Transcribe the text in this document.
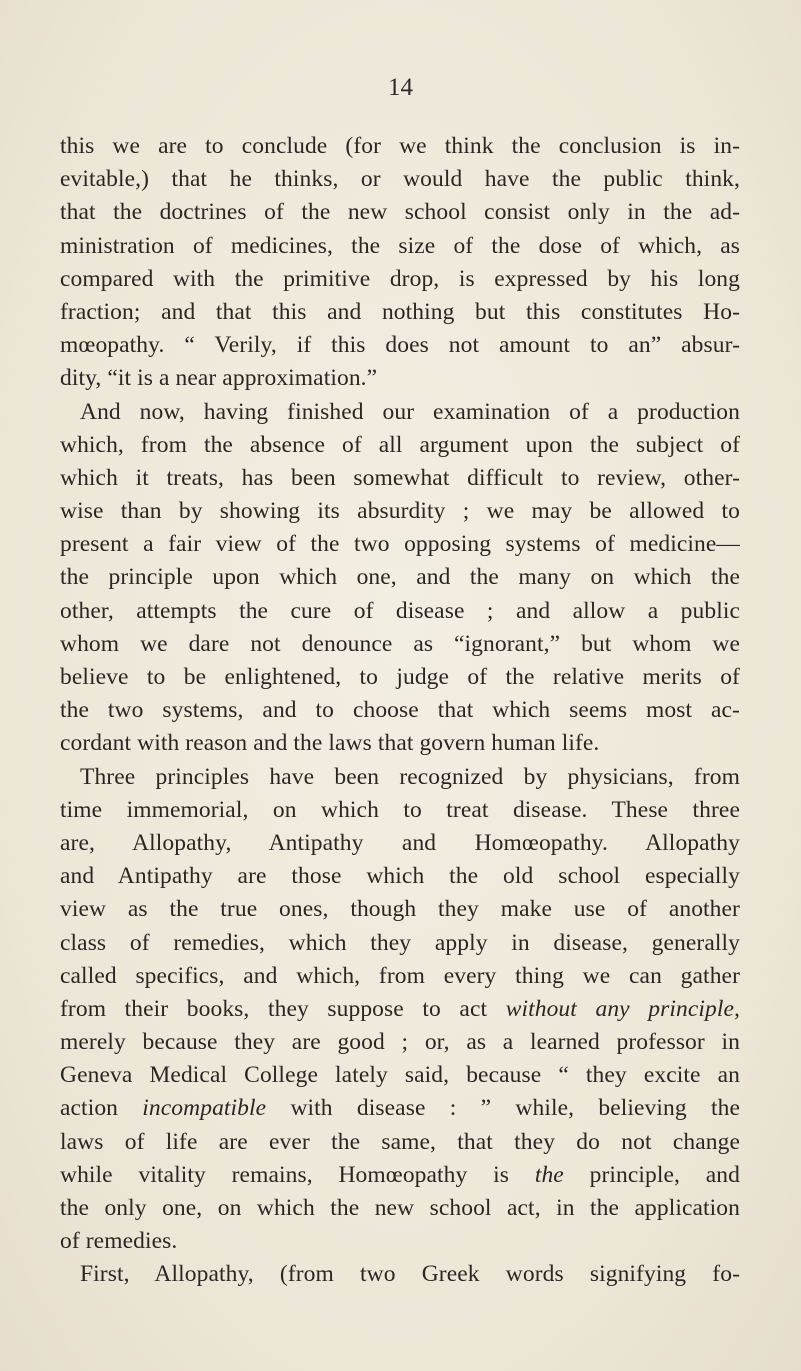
14
this we are to conclude (for we think the conclusion is in-
evitable,) that he thinks, or would have the public think,
that the doctrines of the new school consist only in the ad-
ministration of medicines, the size of the dose of which, as
compared with the primitive drop, is expressed by his long
fraction; and that this and nothing but this constitutes Ho-
mœopathy. “ Verily, if this does not amount to an” absur-
dity, “it is a near approximation.”
And now, having finished our examination of a production
which, from the absence of all argument upon the subject of
which it treats, has been somewhat difficult to review, other-
wise than by showing its absurdity ; we may be allowed to
present a fair view of the two opposing systems of medicine—
the principle upon which one, and the many on which the
other, attempts the cure of disease ; and allow a public
whom we dare not denounce as “ignorant,” but whom we
believe to be enlightened, to judge of the relative merits of
the two systems, and to choose that which seems most ac-
cordant with reason and the laws that govern human life.
Three principles have been recognized by physicians, from
time immemorial, on which to treat disease. These three
are, Allopathy, Antipathy and Homœopathy. Allopathy
and Antipathy are those which the old school especially
view as the true ones, though they make use of another
class of remedies, which they apply in disease, generally
called specifics, and which, from every thing we can gather
from their books, they suppose to act without any principle,
merely because they are good ; or, as a learned professor in
Geneva Medical College lately said, because “ they excite an
action incompatible with disease : ” while, believing the
laws of life are ever the same, that they do not change
while vitality remains, Homœopathy is the principle, and
the only one, on which the new school act, in the application
of remedies.
First, Allopathy, (from two Greek words signifying fo-
